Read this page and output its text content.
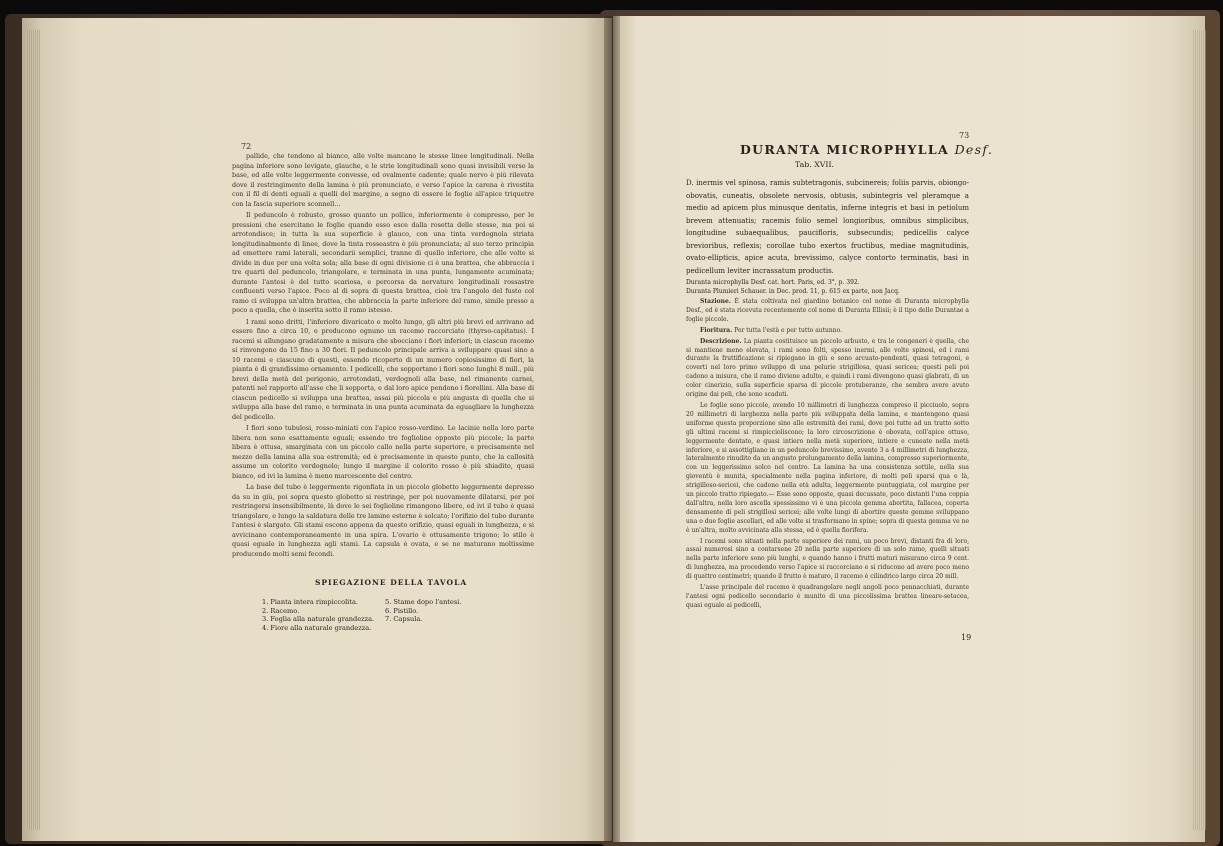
72

pallide, che tendono al bianco, alle volte mancano le stesse linee longitudinali. Nella pagina inferiore sono levigate, glauche, e le strie longitudinali sono quasi invisibili verso la base, ed alle volte leggermente convesse, ed ovalmente cadente; quale nervo è più rilevata dove il restringimento della lamina è più pronunciato, e verso l'apice la carena è rivestita con il fil di denti eguali a quelli del margine, a segno di essere le foglie all'apice triquetre con la fascia superiore sconnell...

Il peduncolo è robusto, grosso quanto un pollice, inferiormente è compresso, per le pressioni che esercitano le foglie quando esso esce dalla rosetta delle stesse, ma poi si arrotondisce; in tutta la sua superficie è glauco, con una tinta verdognola striata longitudinalmente di linee, dove la tinta rosseastra è più pronunciata; al suo terzo principia ad emettere rami laterali, secondarii semplici, tranne di quello inferiore, che alle volte si divide in due per una volta sola; alla base di ogni divisione ci è una brattea, che abbraccia i tre quarti del peduncolo, triangolare, e terminata in una punta, lungamente acuminata; durante l'antesi è del tutto scariosa, e percorsa da nervature longitudinali rossastre confluenti verso l'apice. Poco al di sopra di questa brattea, cioè tra l'angolo del fusto col ramo ci sviluppa un'altra brattea, che abbraccia la parte inferiore del ramo, simile presso a poco a quella, che è inserita sotto il ramo istesso.

I rami sono dritti, l'inferiore divaricato e molto lungo, gli altri più brevi ed arrivano ad essere fino a circa 10, e producono ognuno un racemo raccorciato (thyrso-capitatus). I racemi si allungano gradatamente a misura che sbocciano i fiori inferiori; in ciascun racemo si rinvengono da 15 fino a 30 fiori. Il peduncolo principale arriva a sviluppare quasi sino a 10 racemi e ciascuno di questi, essendo ricoperto di un numero copiosissimo di fiori, la pianta è di grandissimo ornamento. I pedicelli, che sopportano i fiori sono lunghi 8 mill., più brevi della metà del perigonio, arrotondati, verdognoli alla base, nel rimanente carnei, patenti nel rapporto all'asse che li sopporta, e dal loro apice pendono i fiorellini. Alla base di ciascun pedicello si sviluppa una brattea, assai più piccola e più angusta di quella che si sviluppa alla base del ramo, e terminata in una punta acuminata da eguagliare la lunghezza del pedicello.

I fiori sono tubulosi, rosso-miniati con l'apice rosso-verdino. Le lacinie nella loro parte libera non sono esattamente eguali; essendo tre foglioline opposte più piccole; la parte libera è ottusa, smarginata con un piccolo callo nella parte superiore, e precisamente nel mezzo della lamina alla sua estremità; ed è precisamente in questo punto, che la callosità assume un colorito verdognolo; lungo il margine il colorito rosso è più sbiadito, quasi bianco, ed ivi la lamina è meno marcescente del centro.

La base del tubo è leggermente rigonfiata in un piccolo globetto leggermente depresso da su in giù, poi sopra questo globetto si restringe, per poi nuovamente dilatarsi, per poi restringersi insensibilmente, là dove le sei foglioline rimangono libere, ed ivi il tubo è quasi triangolare, e lungo la saldatura delle tre lamine esterne è solcato; l'orifizio del tubo durante l'antesi è slargato. Gli stami escono appena da questo orifizio, quasi eguali in lunghezza, e si avvicinano contemporaneamente in una spira. L'ovario è ottusamente trigono; lo stilo è quasi eguale in lunghezza agli stami. La capsula è ovata, e se ne maturano moltissime producendo molti semi fecondi.

SPIEGAZIONE DELLA TAVOLA
1. Pianta intera rimpiccolita.
2. Racemo.
3. Foglia alla naturale grandezza.
4. Fiore alla naturale grandezza.
5. Stame dopo l'antesi.
6. Pistillo.
7. Capsula.
73
DURANTA MICROPHYLLA Desf.
Tab. XVII.
D. inermis vel spinosa, ramis subtetragonis, subcinereis; foliis parvis, obiongo-obovatis, cuneatis, obsolete nervosis, obtusis, subintegris vel pleramque a medio ad apicem plus minusque dentatis, inferne integris et basi in petiolum brevem attenuatis; racemis folio semel longioribus, omnibus simplicibus, longitudine subaequalibus, paucifloris, subsecundis; pedicellis calyce brevioribus, reflexis; corollae tubo exertos fructibus, mediae magnitudinis, ovato-ellipticis, apice acuta, brevissimo, calyce contorto terminatis, basi in pedicellum leviter incrassatum productis.
Duranta microphylla Desf. cat. hort. Paris, ed. 3°, p. 392.
Duranta Plumieri Schauer. in Dec. prod. 11, p. 615 ex parte, non Jacq.

Stazione. È stata coltivata nel giardino botanico col nome di Duranta microphylla Desf., ed è stata ricevuta recentemente col nome di Duranta Ellisii; è il tipo delle Durantae a foglie piccole.

Fioritura. Per tutta l'està e per tutto autunno.

Descrizione. La pianta costituisce un piccolo arbusto, e tra le congeneri è quella, che si mantiene meno elevata, i rami sono folti, spesso inermi, alle volte spinosi, ed i rami durante la fruttificazione si ripiegano in giù e sono arcuato-pendenti, quasi tetragoni, e coverti nel loro primo sviluppo di una pelurie strigillosa, quasi sericea; questi peli poi cadono a misura, che il ramo diviene adulto, e quindi i rami divengono quasi glabrati, di un color cinerizio, sulla superficie sparsa di piccole protuberanze, che sembra avere avuto origine dai peli, che sono scaduti.

Le foglie sono piccole, avendo 10 millimetri di lunghezza compreso il picciuolo, sopra 20 millimetri di larghezza nella parte più sviluppata della lamina, e mantengono quasi uniforme questa proporzione sino alle estremità dei rami, dove poi tutte ad un tratto sotto gli ultimi racemi si rimpiccioliscono; la loro circoscrizione è obovata, coll'apice ottuso, leggermente dentato, e quasi intiero nella metà superiore, intiere e cuneate nella metà inferiore, e si assottigliano in un peduncolo brevissimo, avente 3 a 4 millimetri di lunghezza, lateralmente rinudito da un angusto prolungamento della lamina, compresso superiormente, con un leggerissimo solco nel centro. La lamina ha una consistenza sottile, nella sua gioventù è munita, specialmente nella pagina inferiore, di molti peli sparsi qua e là, strigilloso-sericei, che cadono nella età adulta, leggermente puntuggiata, col margine per un piccolo tratto ripiegato.— Esse sono opposte, quasi decussate, poco distanti l'una coppia dall'altra, nella loro ascella spessissimo vi è una piccola gemma abortita, fallacea, coperta densamente di peli strigillosi sericei; alle volte lungi di abortire queste gemme sviluppano una o due foglie ascellari, ed alle volte si trasformano in spine; sopra di questa gemma ve ne è un'altra, molto avvicinata alla stessa, ed è quella fiorifera.

I racemi sono situati nella parte superiore dei rami, un poco brevi, distanti fra di loro, assai numerosi sino a contarsene 20 nella parte superiore di un solo ramo, quelli situati nella parte inferiore sono più lunghi, e quando hanno i frutti maturi misurano circa 9 cent. di lunghezza, ma procedendo verso l'apice si raccorciano e si riducono ad avere poco meno di quattro centimetri; quando il frutto è maturo, il racemo è cilindrico largo circa 20 mill.

L'asse principale del racemo è quadrangolare negli angoli poco pennacchiati, durante l'antesi ogni pedicello secondario è munito di una piccolissima brattea lineare-setacea, quasi eguale ai pedicelli,

19
